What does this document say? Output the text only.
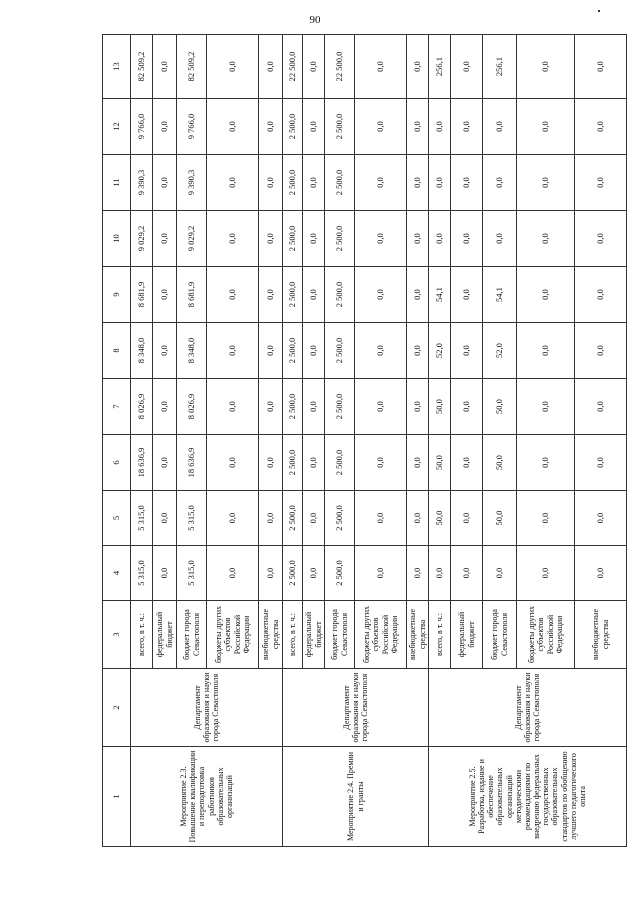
90
1	2	3	4	5	6	7	8	9	10	11	12	13
Мероприятие 2.3. Повышение квалификации и переподготовка работников образовательных организаций	Департамент образования и науки города Севастополя	всего, в т. ч.:	5 315,0	5 315,0	18 636,9	8 026,9	8 348,0	8 681,9	9 029,2	9 390,3	9 766,0	82 509,2
		федеральный бюджет	0,0	0,0	0,0	0,0	0,0	0,0	0,0	0,0	0,0	0,0
		бюджет города Севастополя	5 315,0	5 315,0	18 636,9	8 026,9	8 348,0	8 681,9	9 029,2	9 390,3	9 766,0	82 509,2
		бюджеты других субъектов Российской Федерации	0,0	0,0	0,0	0,0	0,0	0,0	0,0	0,0	0,0	0,0
		внебюджетные средства	0,0	0,0	0,0	0,0	0,0	0,0	0,0	0,0	0,0	0,0
Мероприятие 2.4. Премии и гранты	Департамент образования и науки города Севастополя	всего, в т. ч.:	2 500,0	2 500,0	2 500,0	2 500,0	2 500,0	2 500,0	2 500,0	2 500,0	2 500,0	22 500,0
		федеральный бюджет	0,0	0,0	0,0	0,0	0,0	0,0	0,0	0,0	0,0	0,0
		бюджет города Севастополя	2 500,0	2 500,0	2 500,0	2 500,0	2 500,0	2 500,0	2 500,0	2 500,0	2 500,0	22 500,0
		бюджеты других субъектов Российской Федерации	0,0	0,0	0,0	0,0	0,0	0,0	0,0	0,0	0,0	0,0
		внебюджетные средства	0,0	0,0	0,0	0,0	0,0	0,0	0,0	0,0	0,0	0,0
Мероприятие 2.5. Разработка, издание и обеспечение образовательных организаций методическими рекомендациями по внедрению федеральных государственных образовательных стандартов по обобщению лучшего педагогического опыта	Департамент образования и науки города Севастополя	всего, в т. ч.:	0,0	50,0	50,0	50,0	52,0	54,1	0,0	0,0	0,0	256,1
		федеральный бюджет	0,0	0,0	0,0	0,0	0,0	0,0	0,0	0,0	0,0	0,0
		бюджет города Севастополя	0,0	50,0	50,0	50,0	52,0	54,1	0,0	0,0	0,0	256,1
		бюджеты других субъектов Российской Федерации	0,0	0,0	0,0	0,0	0,0	0,0	0,0	0,0	0,0	0,0
		внебюджетные средства	0,0	0,0	0,0	0,0	0,0	0,0	0,0	0,0	0,0	0,0
